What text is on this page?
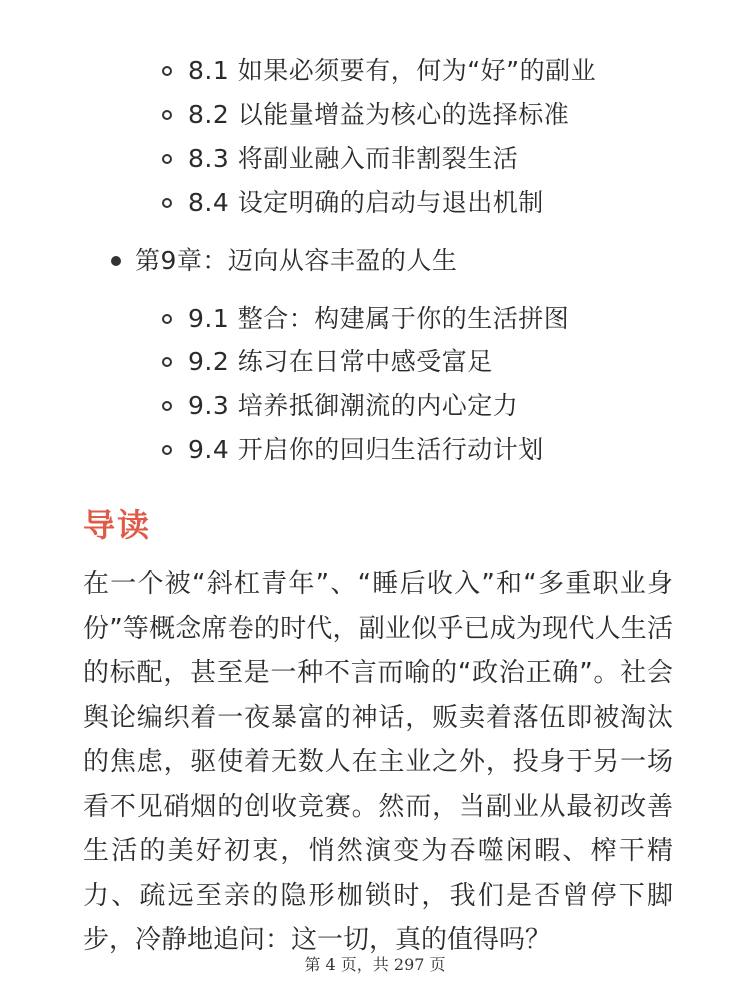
8.1 如果必须要有，何为“好”的副业
8.2 以能量增益为核心的选择标准
8.3 将副业融入而非割裂生活
8.4 设定明确的启动与退出机制
第9章：迈向从容丰盈的人生
9.1 整合：构建属于你的生活拼图
9.2 练习在日常中感受富足
9.3 培养抵御潮流的内心定力
9.4 开启你的回归生活行动计划
导读

在一个被“斜杠青年”、“睡后收入”和“多重职业身份”等概念席卷的时代，副业似乎已成为现代人生活的标配，甚至是一种不言而喻的“政治正确”。社会舆论编织着一夜暴富的神话，贩卖着落伍即被淘汰的焦虑，驱使着无数人在主业之外，投身于另一场看不见硝烟的创收竞赛。然而，当副业从最初改善生活的美好初衷，悄然演变为吞噬闲暇、榨干精力、疏远至亲的隐形枷锁时，我们是否曾停下脚步，冷静地追问：这一切，真的值得吗？

第 4 页，共 297 页
